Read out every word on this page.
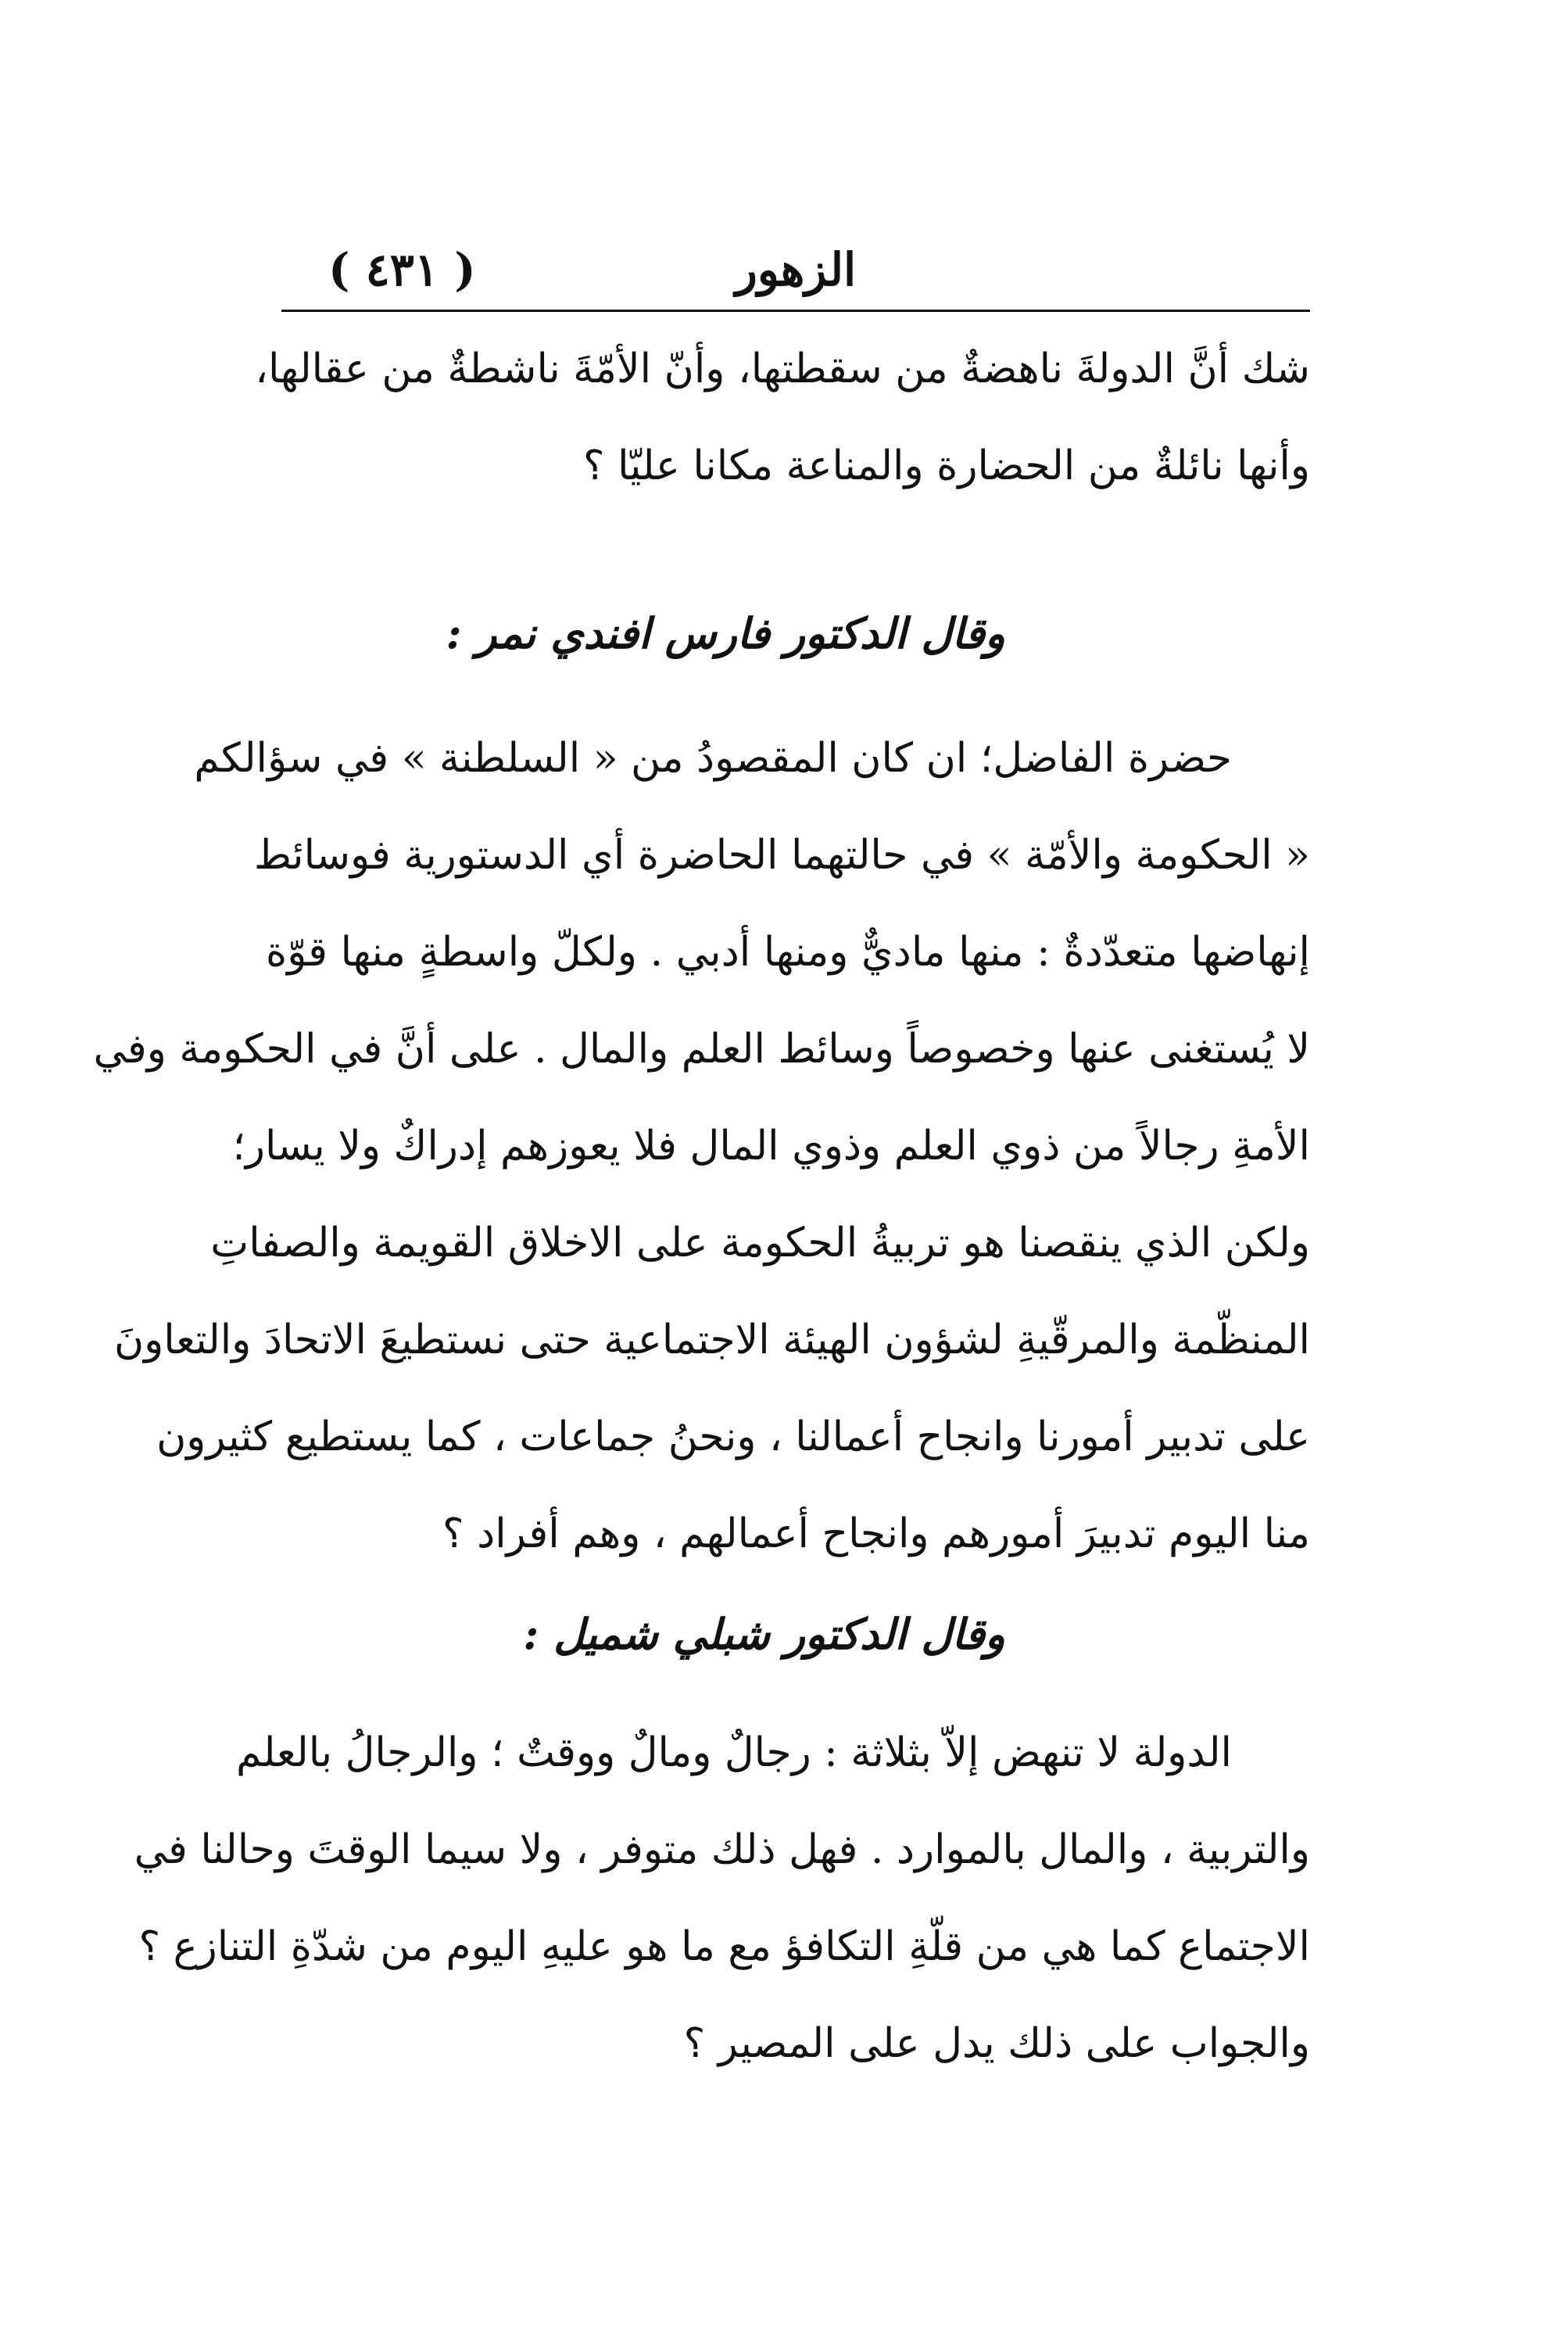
( ٤٣١ )	الزهور
شك أنَّ الدولةَ ناهضةٌ من سقطتها، وأنّ الأمّةَ ناشطةٌ من عقالها،
وأنها نائلةٌ من الحضارة والمناعة مكانا عليّا ؟
وقال الدكتور فارس افندي نمر :
حضرة الفاضل؛ ان كان المقصودُ من « السلطنة » في سؤالكم
« الحكومة والأمّة » في حالتهما الحاضرة أي الدستورية فوسائط
إنهاضها متعدّدةٌ : منها ماديٌّ ومنها أدبي . ولكلّ واسطةٍ منها قوّة
لا يُستغنى عنها وخصوصاً وسائط العلم والمال . على أنَّ في الحكومة وفي
الأمةِ رجالاً من ذوي العلم وذوي المال فلا يعوزهم إدراكٌ ولا يسار؛
ولكن الذي ينقصنا هو تربيةُ الحكومة على الاخلاق القويمة والصفاتِ
المنظّمة والمرقّيةِ لشؤون الهيئة الاجتماعية حتى نستطيعَ الاتحادَ والتعاونَ
على تدبير أمورنا وانجاح أعمالنا ، ونحنُ جماعات ، كما يستطيع كثيرون
منا اليوم تدبيرَ أمورهم وانجاح أعمالهم ، وهم أفراد ؟
وقال الدكتور شبلي شميل :
الدولة لا تنهض إلاّ بثلاثة : رجالٌ ومالٌ ووقتٌ ؛ والرجالُ بالعلم
والتربية ، والمال بالموارد . فهل ذلك متوفر ، ولا سيما الوقتَ وحالنا في
الاجتماع كما هي من قلّةِ التكافؤ مع ما هو عليهِ اليوم من شدّةِ التنازع ؟
والجواب على ذلك يدل على المصير ؟
